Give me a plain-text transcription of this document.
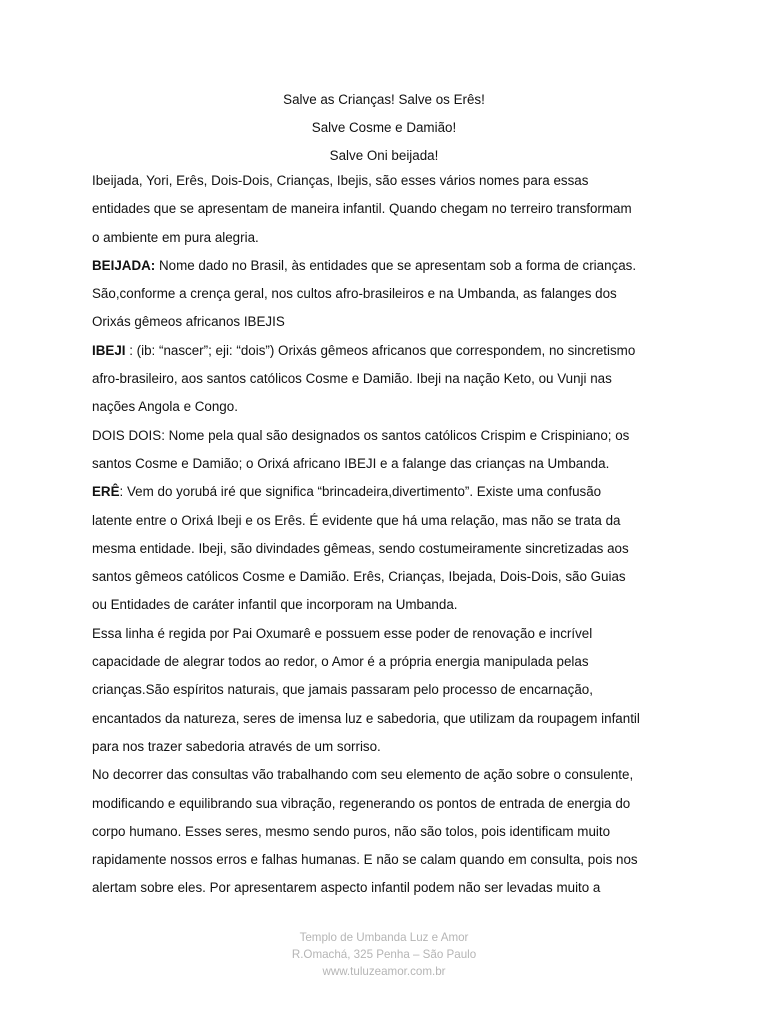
Salve as Crianças! Salve os Erês!
Salve Cosme e Damião!
Salve Oni beijada!
Ibeijada, Yori, Erês, Dois-Dois, Crianças, Ibejis, são esses vários nomes para essas
entidades que se apresentam de maneira infantil. Quando chegam no terreiro transformam
o ambiente em pura alegria.
BEIJADA: Nome dado no Brasil, às entidades que se apresentam sob a forma de crianças.
São,conforme a crença geral, nos cultos afro-brasileiros e na Umbanda, as falanges dos
Orixás gêmeos africanos IBEJIS
IBEJI : (ib: “nascer”; eji: “dois”) Orixás gêmeos africanos que correspondem, no sincretismo
afro-brasileiro, aos santos católicos Cosme e Damião. Ibeji na nação Keto, ou Vunji nas
nações Angola e Congo.
DOIS DOIS: Nome pela qual são designados os santos católicos Crispim e Crispiniano; os
santos Cosme e Damião; o Orixá africano IBEJI e a falange das crianças na Umbanda.
ERÊ: Vem do yorubá iré que significa “brincadeira,divertimento”. Existe uma confusão
latente entre o Orixá Ibeji e os Erês. É evidente que há uma relação, mas não se trata da
mesma entidade. Ibeji, são divindades gêmeas, sendo costumeiramente sincretizadas aos
santos gêmeos católicos Cosme e Damião. Erês, Crianças, Ibejada, Dois-Dois, são Guias
ou Entidades de caráter infantil que incorporam na Umbanda.
Essa linha é regida por Pai Oxumarê e possuem esse poder de renovação e incrível
capacidade de alegrar todos ao redor, o Amor é a própria energia manipulada pelas
crianças.São espíritos naturais, que jamais passaram pelo processo de encarnação,
encantados da natureza, seres de imensa luz e sabedoria, que utilizam da roupagem infantil
para nos trazer sabedoria através de um sorriso.
No decorrer das consultas vão trabalhando com seu elemento de ação sobre o consulente,
modificando e equilibrando sua vibração, regenerando os pontos de entrada de energia do
corpo humano. Esses seres, mesmo sendo puros, não são tolos, pois identificam muito
rapidamente nossos erros e falhas humanas. E não se calam quando em consulta, pois nos
alertam sobre eles. Por apresentarem aspecto infantil podem não ser levadas muito a
Templo de Umbanda Luz e Amor
R.Omachá, 325 Penha – São Paulo
www.tuluzeamor.com.br
